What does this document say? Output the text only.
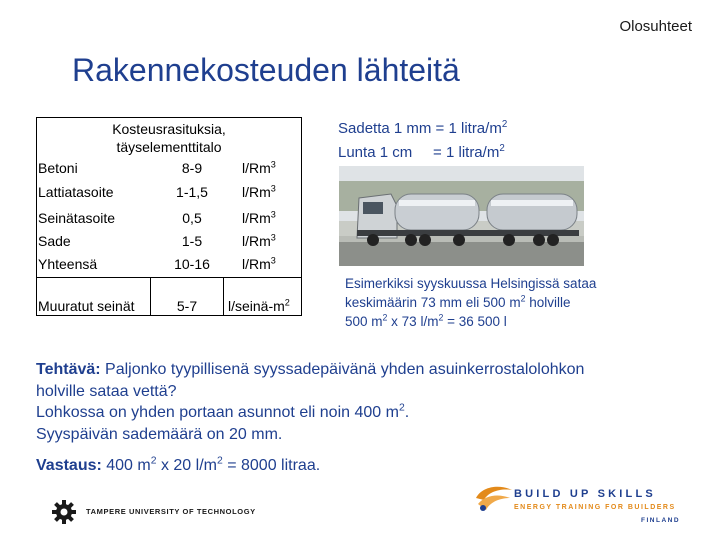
Olosuhteet
Rakennekosteuden lähteitä
Kosteusrasituksia,
täyselementtitalo
Betoni	8-9	l/Rm$^3$
Lattiatasoite	1-1,5	l/Rm$^3$
Seinätasoite	0,5	l/Rm$^3$
Sade	1-5	l/Rm$^3$
Yhteensä	10-16	l/Rm$^3$
Muuratut seinät	5-7	$l/seinä-m^2$
Sadetta 1 mm = 1 litra/$m^2$
Lunta 1 cm     = 1 litra/$m^2$
Esimerkiksi syyskuussa Helsingissä sataa
keskimäärin 73 mm eli 500 $m^2$ holville
500 $m^2$ x 73 $l/m^2 = 36$ 500 l
Tehtävä: Paljonko tyypillisenä syyssadepäivänä yhden asuinkerrostalolohkon
holville sataa vettä?
Lohkossa on yhden portaan asunnot eli noin 400 $m^2$.
Syyspäivän sademäärä on 20 mm.
Vastaus: 400 $m^2$ x 20 $l/m^2 = 8000$ litraa.
TAMPERE UNIVERSITY OF TECHNOLOGY
BUILD UP SKILLS
ENERGY TRAINING FOR BUILDERS
FINLAND
